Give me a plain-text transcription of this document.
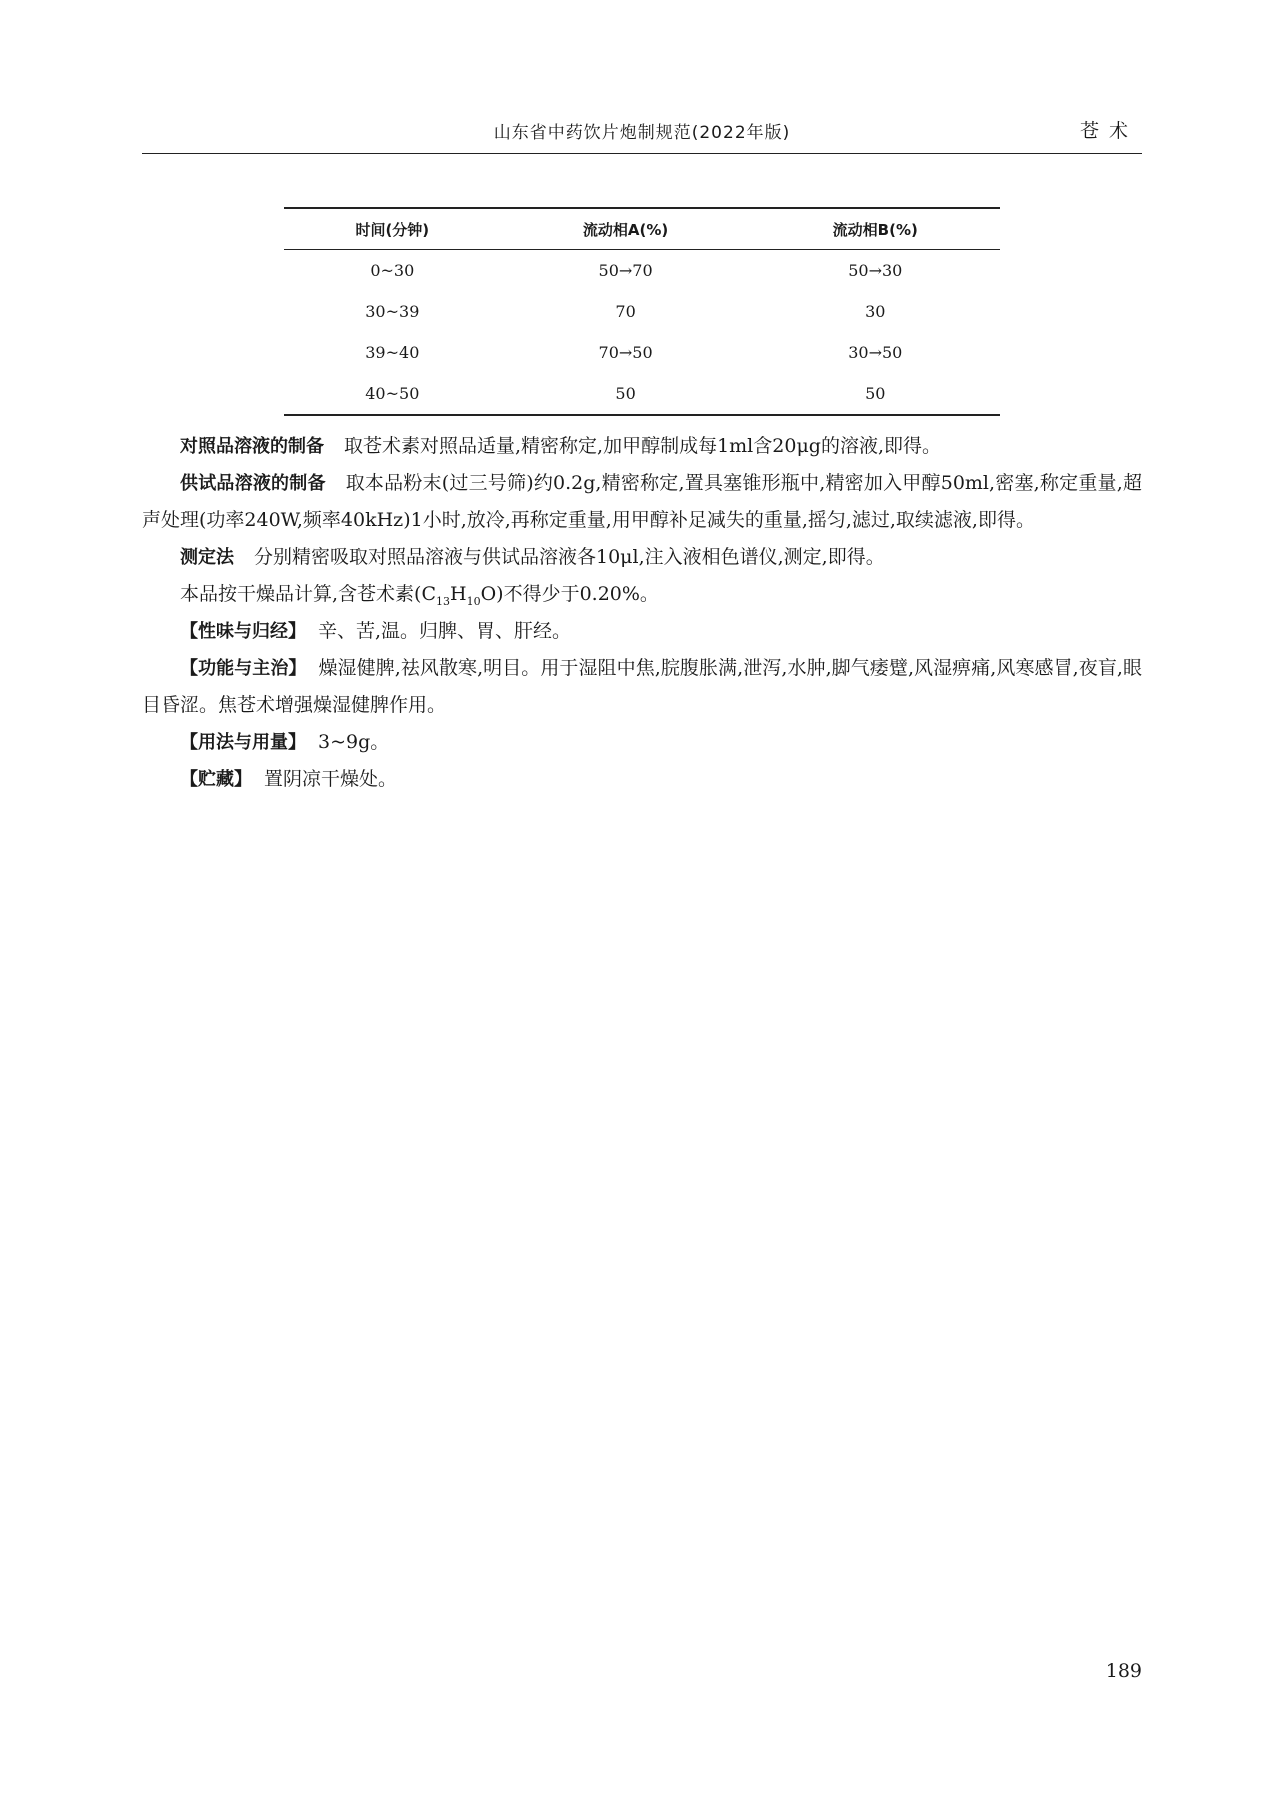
山东省中药饮片炮制规范(2022年版)	苍术
时间(分钟)	流动相A(%)	流动相B(%)
0~30	50→70	50→30
30~39	70	30
39~40	70→50	30→50
40~50	50	50

对照品溶液的制备 取苍术素对照品适量,精密称定,加甲醇制成每1ml含20μg的溶液,即得。

供试品溶液的制备 取本品粉末(过三号筛)约0.2g,精密称定,置具塞锥形瓶中,精密加入甲醇50ml,密塞,称定重量,超声处理(功率240W,频率40kHz)1小时,放冷,再称定重量,用甲醇补足减失的重量,摇匀,滤过,取续滤液,即得。

测定法 分别精密吸取对照品溶液与供试品溶液各10μl,注入液相色谱仪,测定,即得。

本品按干燥品计算,含苍术素$(C_{13}H_{10}O)$不得少于0.20%。

【性味与归经】 辛、苦,温。归脾、胃、肝经。

【功能与主治】 燥湿健脾,祛风散寒,明目。用于湿阻中焦,脘腹胀满,泄泻,水肿,脚气痿躄,风湿痹痛,风寒感冒,夜盲,眼目昏涩。焦苍术增强燥湿健脾作用。

【用法与用量】 3~9g。

【贮藏】 置阴凉干燥处。

189
